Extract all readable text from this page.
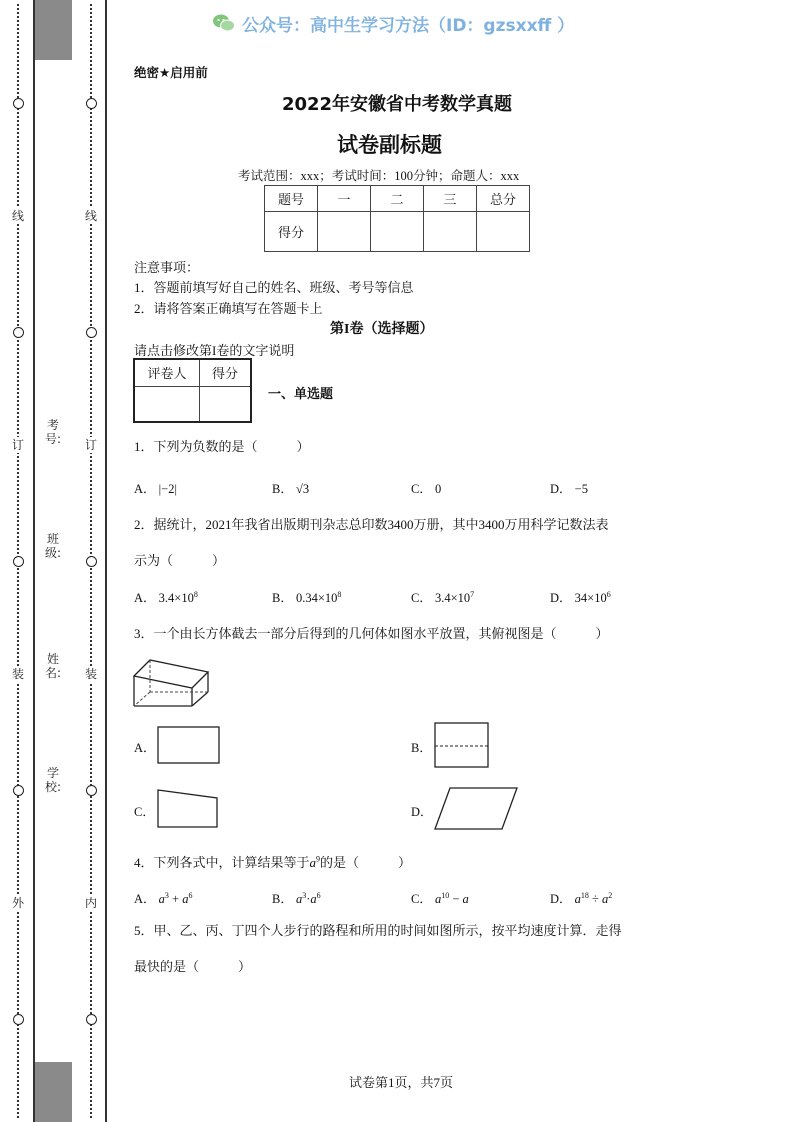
线
订
装
外
线
订
装
内
考号:
班级:
姓名:
学校:
公众号：高中生学习方法（ID：gzsxxff ）
绝密★启用前
2022年安徽省中考数学真题
试卷副标题
考试范围：xxx；考试时间：100分钟；命题人：xxx
题号	一	二	三	总分
得分				
注意事项：
1．答题前填写好自己的姓名、班级、考号等信息
2．请将答案正确填写在答题卡上
第I卷（选择题）
请点击修改第I卷的文字说明
评卷人	得分

一、单选题
1．下列为负数的是（　　　）
A． |−2|	B． √3	C． 0	D． −5
2．据统计，2021年我省出版期刊杂志总印数3400万册，其中3400万用科学记数法表
示为（　　　）
A． $3.4\times 10^8$	B． $0.34\times 10^8$	C． $3.4\times 10^7$	D． $34\times 10^6$
3．一个由长方体截去一部分后得到的几何体如图水平放置，其俯视图是（　　　）
A．	B．
C．	D．
4．下列各式中，计算结果等于$a^9$的是（　　　）
A． $a^3 + a^6$	B． $a^3\cdot a^6$	C． $a^{10} - a$	D． $a^{18} \div a^2$
5．甲、乙、丙、丁四个人步行的路程和所用的时间如图所示，按平均速度计算．走得
最快的是（　　　）
试卷第1页，共7页
